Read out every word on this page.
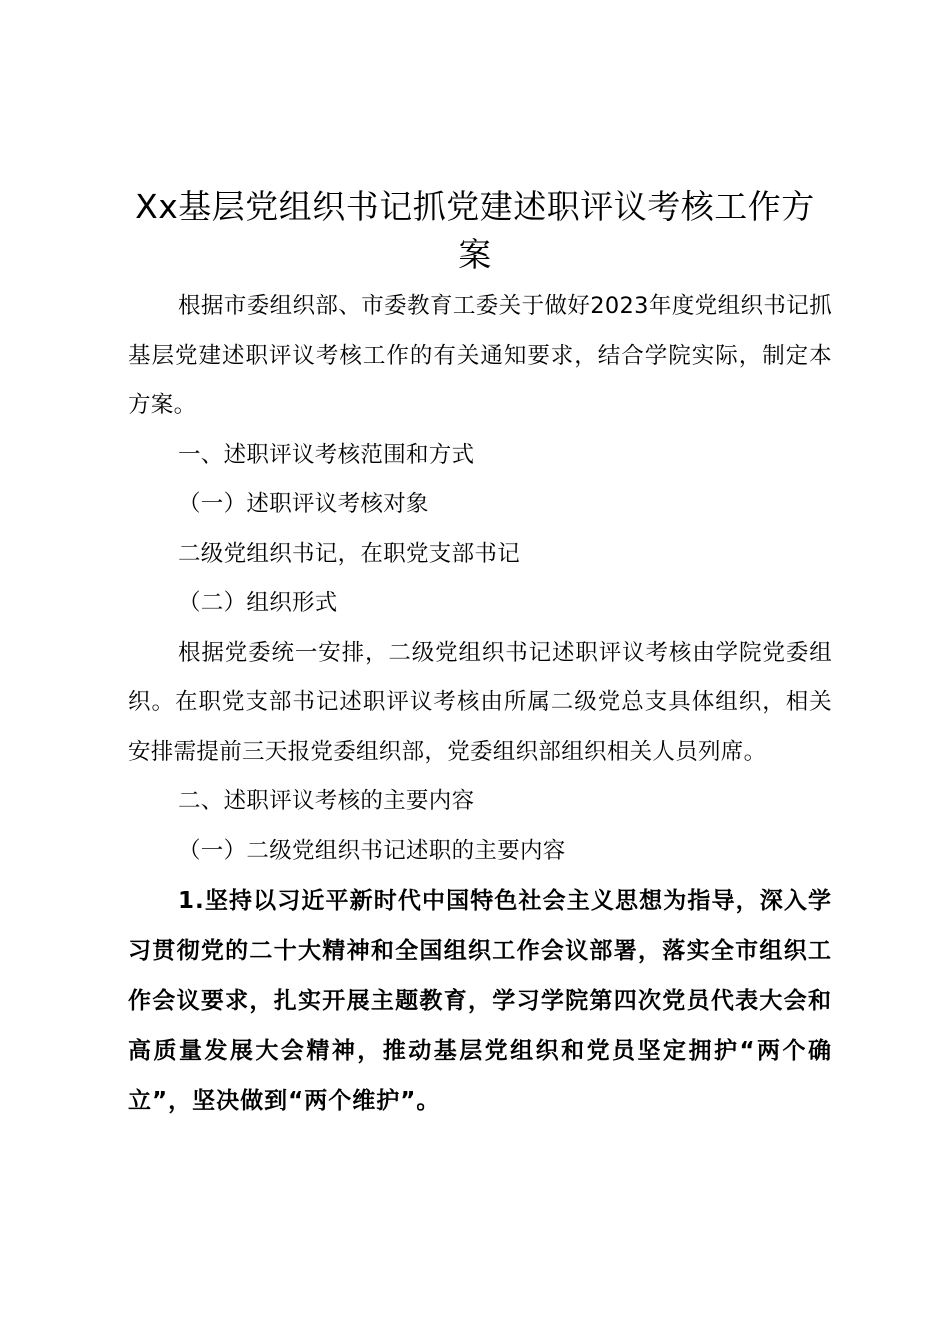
Xx基层党组织书记抓党建述职评议考核工作方案

根据市委组织部、市委教育工委关于做好2023年度党组织书记抓基层党建述职评议考核工作的有关通知要求，结合学院实际，制定本方案。

一、述职评议考核范围和方式

（一）述职评议考核对象

二级党组织书记，在职党支部书记

（二）组织形式

根据党委统一安排，二级党组织书记述职评议考核由学院党委组织。在职党支部书记述职评议考核由所属二级党总支具体组织，相关安排需提前三天报党委组织部，党委组织部组织相关人员列席。

二、述职评议考核的主要内容

（一）二级党组织书记述职的主要内容

1.坚持以习近平新时代中国特色社会主义思想为指导，深入学习贯彻党的二十大精神和全国组织工作会议部署，落实全市组织工作会议要求，扎实开展主题教育，学习学院第四次党员代表大会和高质量发展大会精神，推动基层党组织和党员坚定拥护“两个确立”，坚决做到“两个维护”。
